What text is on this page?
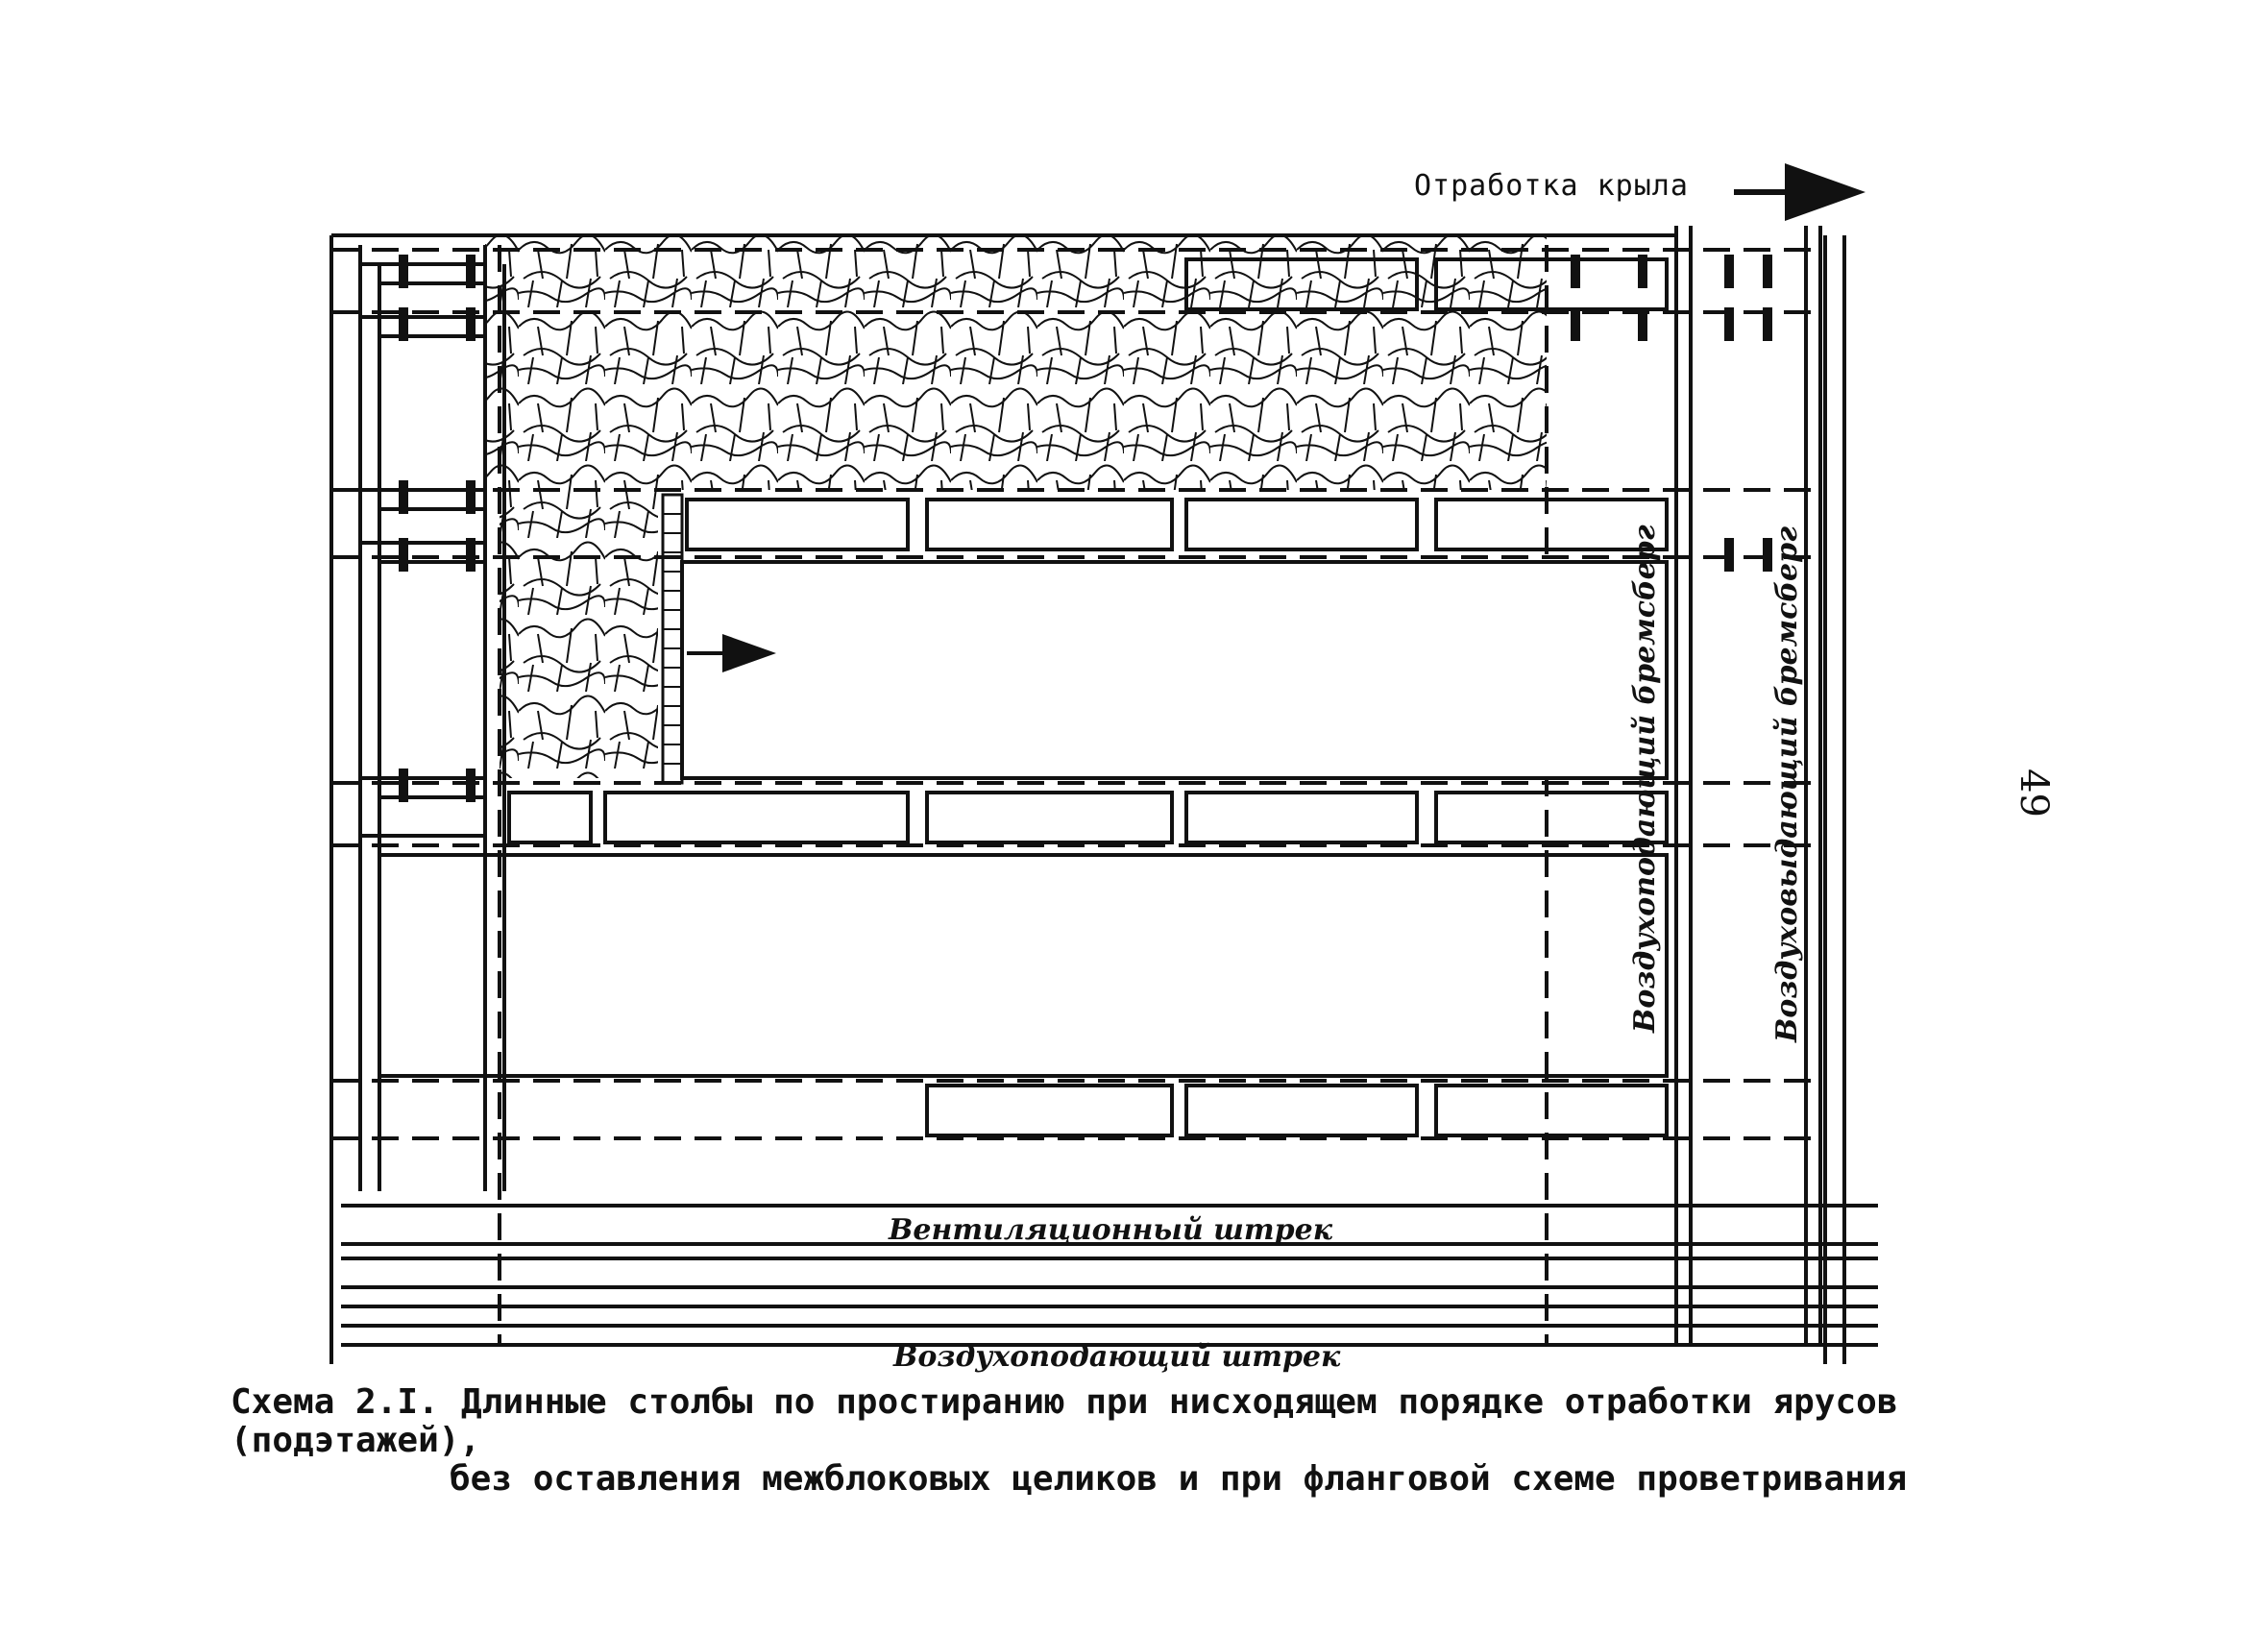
Вентиляционный штрек
Воздухоподающий штрек
Воздухоподающий бремсберг	Воздуховыдающий бремсберг
Отработка крыла
49
Схема 2.I. Длинные столбы по простиранию при нисходящем порядке отработки ярусов (подэтажей),
без оставления межблоковых целиков и при фланговой схеме проветривания
